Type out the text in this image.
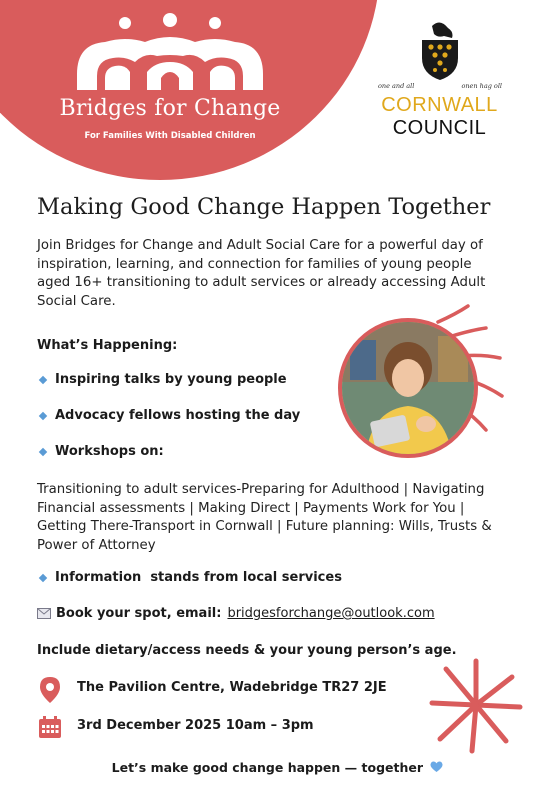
Bridges for Change
For Families With Disabled Children
one and all	onen hag oll
CORNWALL
COUNCIL
Making Good Change Happen Together
Join Bridges for Change and Adult Social Care for a powerful day of inspiration, learning, and connection for families of young people aged 16+ transitioning to adult services or already accessing Adult Social Care.
What’s Happening:
Inspiring talks by young people
Advocacy fellows hosting the day
Workshops on:
Transitioning to adult services-Preparing for Adulthood | Navigating Financial assessments | Making Direct | Payments Work for You | Getting There-Transport in Cornwall | Future planning: Wills, Trusts & Power of Attorney
Information  stands from local services
Book your spot, email: bridgesforchange@outlook.com
Include dietary/access needs & your young person’s age.
The Pavilion Centre, Wadebridge TR27 2JE
3rd December 2025 10am – 3pm
Let’s make good change happen — together
